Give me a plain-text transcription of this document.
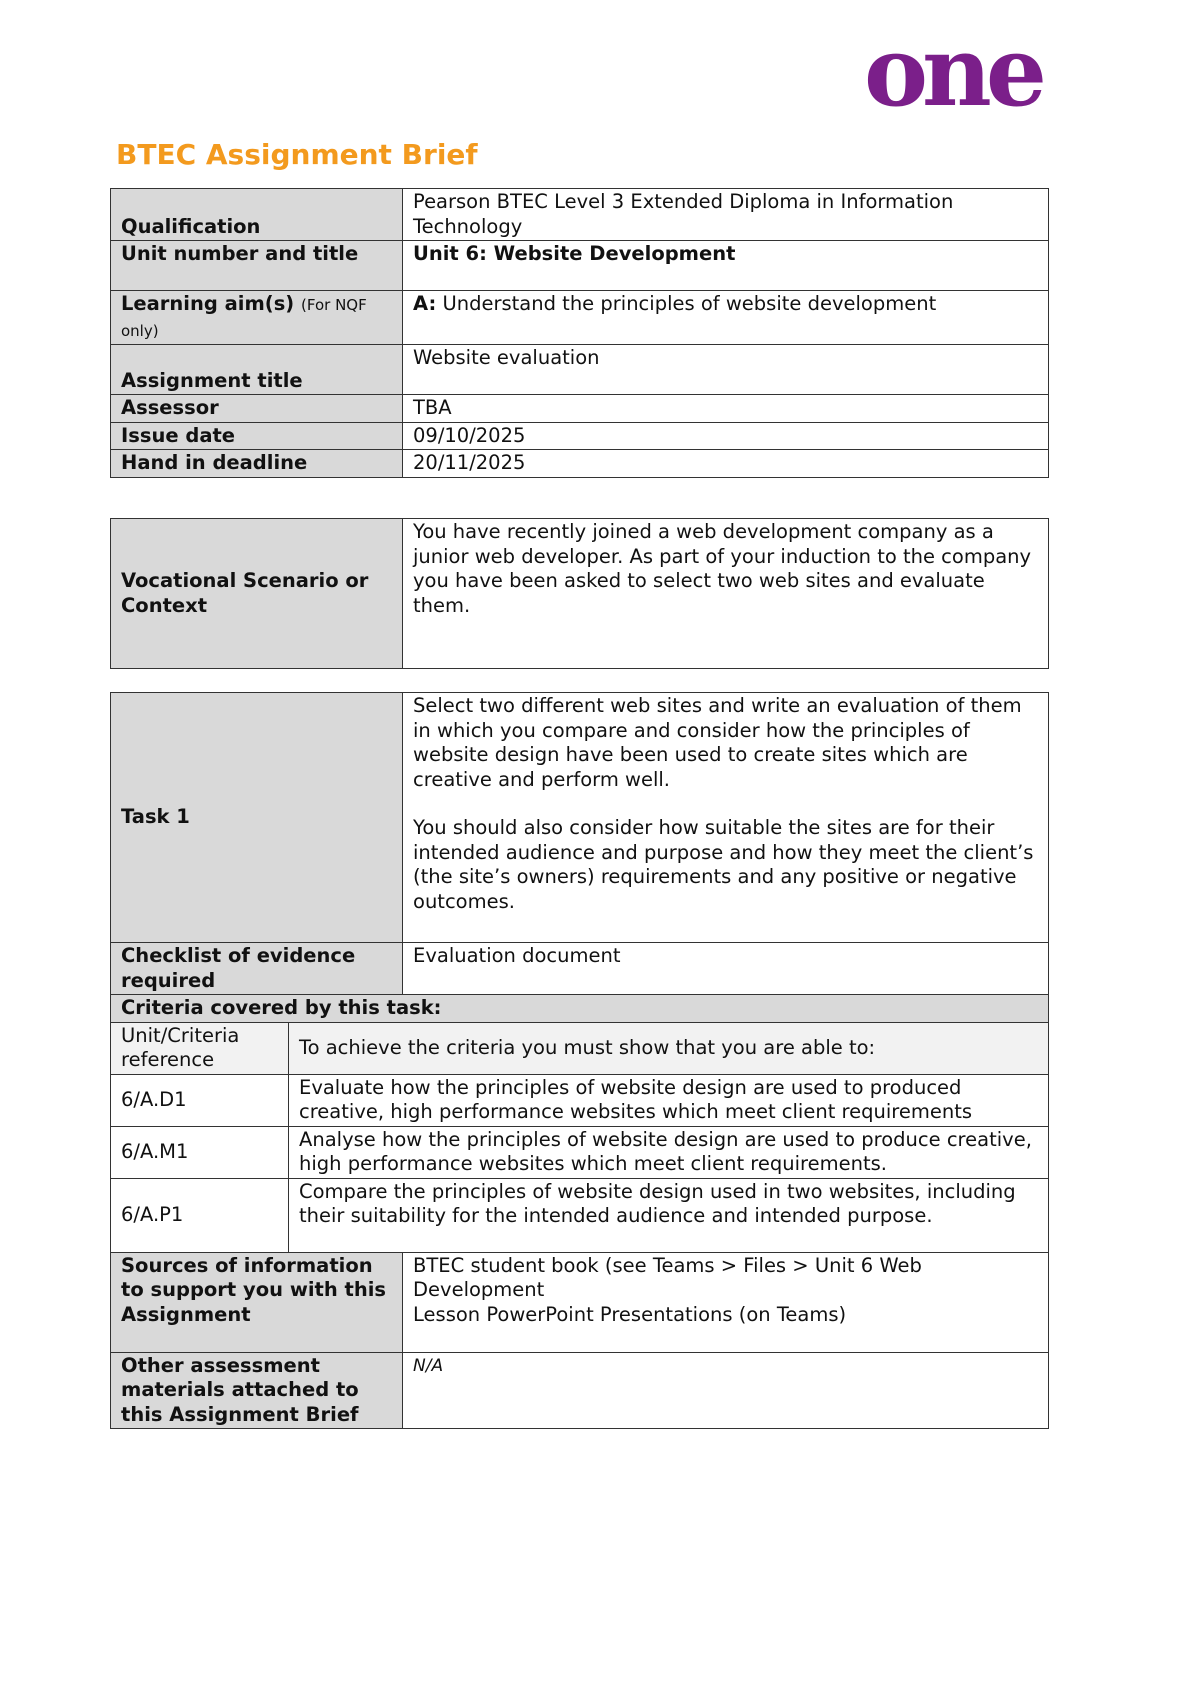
one
BTEC Assignment Brief
Qualification	Pearson BTEC Level 3 Extended Diploma in Information Technology
Unit number and title	Unit 6: Website Development
Learning aim(s) (For NQF only)	A: Understand the principles of website development
Assignment title	Website evaluation
Assessor	TBA
Issue date	09/10/2025
Hand in deadline	20/11/2025
Vocational Scenario or Context	You have recently joined a web development company as a junior web developer. As part of your induction to the company you have been asked to select two web sites and evaluate them.
Task 1		Select two different web sites and write an evaluation of them in which you compare and consider how the principles of website design have been used to create sites which are creative and perform well.

You should also consider how suitable the sites are for their intended audience and purpose and how they meet the client’s (the site’s owners) requirements and any positive or negative outcomes.

Checklist of evidence required		Evaluation document
Criteria covered by this task:		
Unit/Criteria reference	To achieve the criteria you must show that you are able to:	
6/A.D1	Evaluate how the principles of website design are used to produced creative, high performance websites which meet client requirements	
6/A.M1	Analyse how the principles of website design are used to produce creative, high performance websites which meet client requirements.	
6/A.P1	Compare the principles of website design used in two websites, including their suitability for the intended audience and intended purpose.	
Sources of information to support you with this Assignment		BTEC student book (see Teams > Files > Unit 6 Web Development

Lesson PowerPoint Presentations (on Teams)

Other assessment materials attached to this Assignment Brief		N/A
